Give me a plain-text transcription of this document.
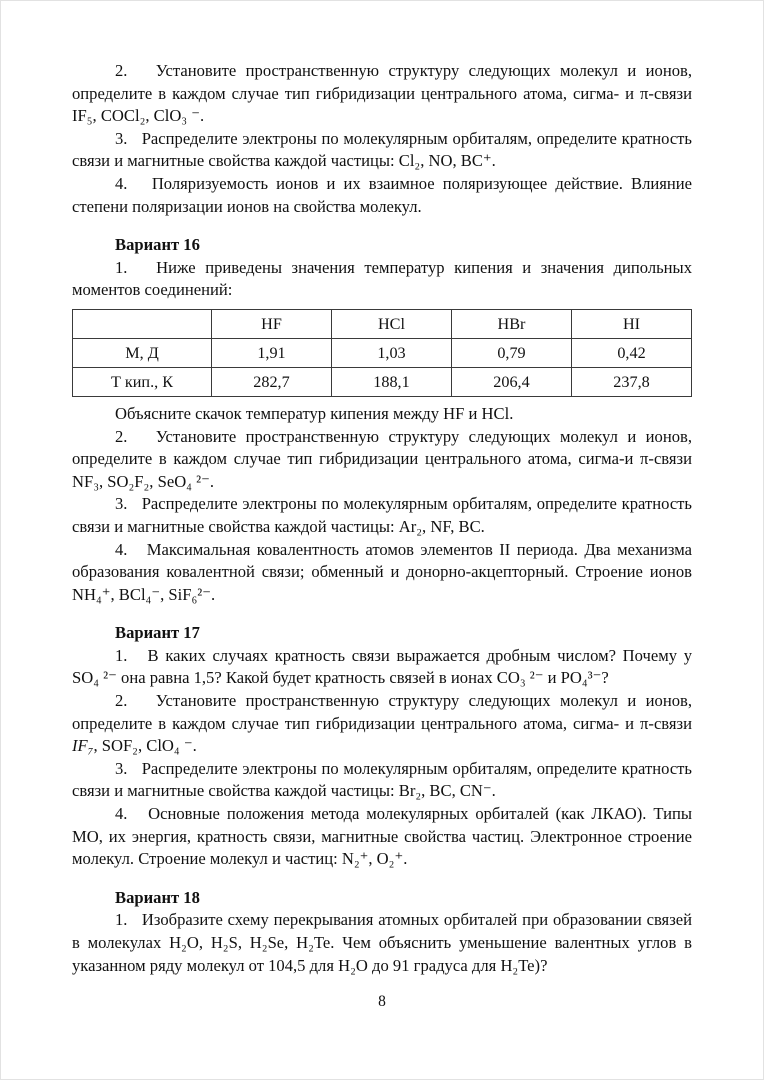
2.   Установите пространственную структуру следующих молекул и ионов, определите в каждом случае тип гибридизации центрального атома, сигма- и π-связи IF₅, COCl₂, ClO₃ ⁻.

3.   Распределите электроны по молекулярным орбиталям, определите кратность связи и магнитные свойства каждой частицы: Cl₂, NO, BC⁺.

4.   Поляризуемость ионов и их взаимное поляризующее действие. Влияние степени поляризации ионов на свойства молекул.

Вариант 16

1.   Ниже приведены значения температур кипения и значения дипольных моментов соединений:

	HF	HCl	HBr	HI
М, Д	1,91	1,03	0,79	0,42
Т кип., К	282,7	188,1	206,4	237,8

Объясните скачок температур кипения между HF и HCl.

2.   Установите пространственную структуру следующих молекул и ионов, определите в каждом случае тип гибридизации центрального атома, сигма-и π-связи NF₃, SO₂F₂, SeO₄ ²⁻.

3.   Распределите электроны по молекулярным орбиталям, определите кратность связи и магнитные свойства каждой частицы: Ar₂, NF, BC.

4.   Максимальная ковалентность атомов элементов II периода. Два механизма образования ковалентной связи; обменный и донорно-акцепторный. Строение ионов NH₄⁺, BCl₄⁻, SiF₆²⁻.

Вариант 17

1.   В каких случаях кратность связи выражается дробным числом? Почему у SO₄ ²⁻ она равна 1,5? Какой будет кратность связей в ионах CO₃ ²⁻ и PO₄³⁻?

2.   Установите пространственную структуру следующих молекул и ионов, определите в каждом случае тип гибридизации центрального атома, сигма- и π-связи IF₇, SOF₂, ClO₄ ⁻.

3.   Распределите электроны по молекулярным орбиталям, определите кратность связи и магнитные свойства каждой частицы: Br₂, BC, CN⁻.

4.   Основные положения метода молекулярных орбиталей (как ЛКАО). Типы МО, их энергия, кратность связи, магнитные свойства частиц. Электронное строение молекул. Строение молекул и частиц: N₂⁺, O₂⁺.

Вариант 18

1.   Изобразите схему перекрывания атомных орбиталей при образовании связей в молекулах H₂O, H₂S, H₂Se, H₂Te. Чем объяснить уменьшение валентных углов в указанном ряду молекул от 104,5 для H₂O до 91 градуса для H₂Te)?

8
